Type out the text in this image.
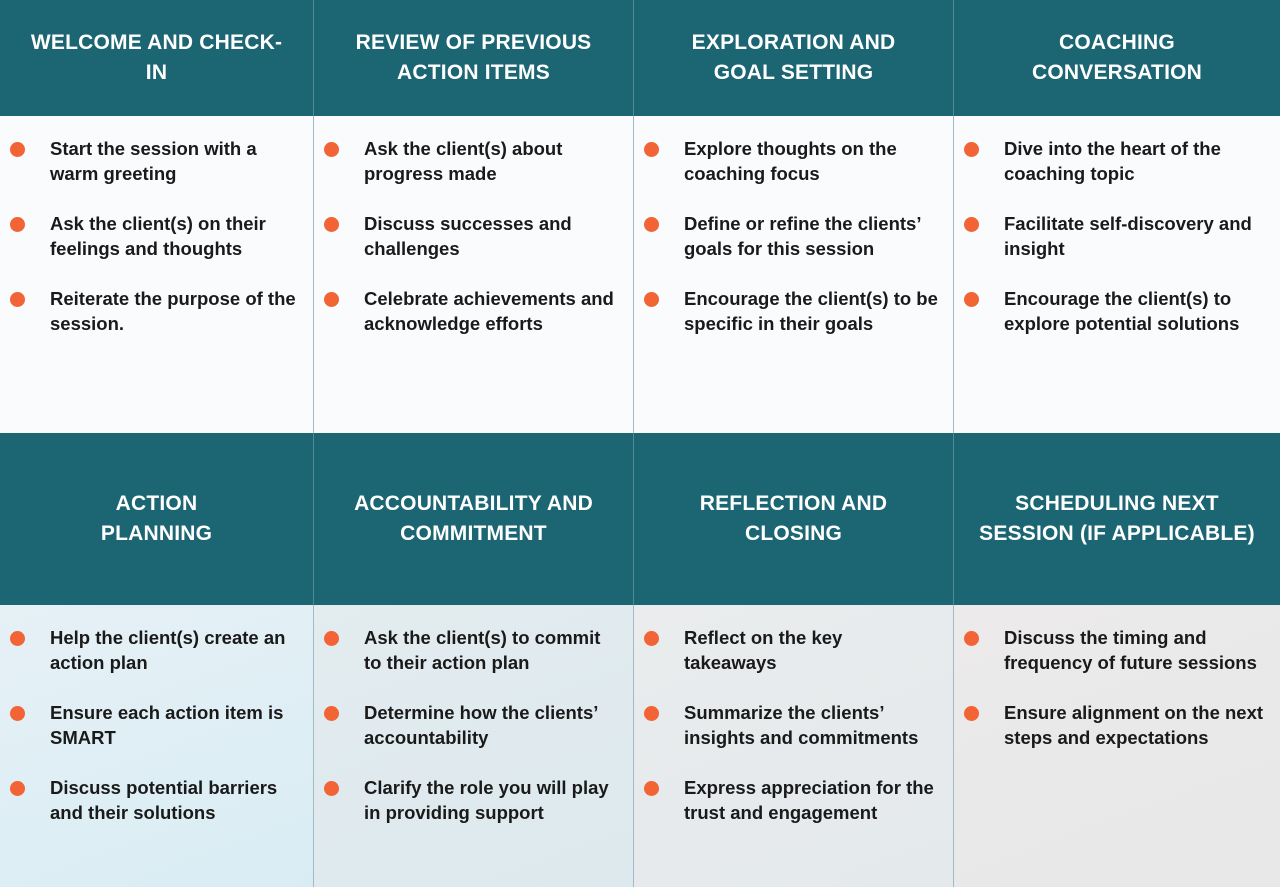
WELCOME AND CHECK-
IN
REVIEW OF PREVIOUS
ACTION ITEMS
EXPLORATION AND
GOAL SETTING
COACHING
CONVERSATION
Start the session with a warm greeting
Ask the client(s) on their feelings and thoughts
Reiterate the purpose of the session.
Ask the client(s) about progress made
Discuss successes and challenges
Celebrate achievements and acknowledge efforts
Explore thoughts on the coaching focus
Define or refine the clients’ goals for this session
Encourage the client(s) to be specific in their goals
Dive into the heart of the coaching topic
Facilitate self-discovery and insight
Encourage the client(s) to explore potential solutions
ACTION
PLANNING
ACCOUNTABILITY AND
COMMITMENT
REFLECTION AND
CLOSING
SCHEDULING NEXT
SESSION (IF APPLICABLE)
Help the client(s) create an action plan
Ensure each action item is SMART
Discuss potential barriers and their solutions
Ask the client(s) to commit to their action plan
Determine how the clients’ accountability
Clarify the role you will play in providing support
Reflect on the key takeaways
Summarize the clients’ insights and commitments
Express appreciation for the trust and engagement
Discuss the timing and frequency of future sessions
Ensure alignment on the next steps and expectations
